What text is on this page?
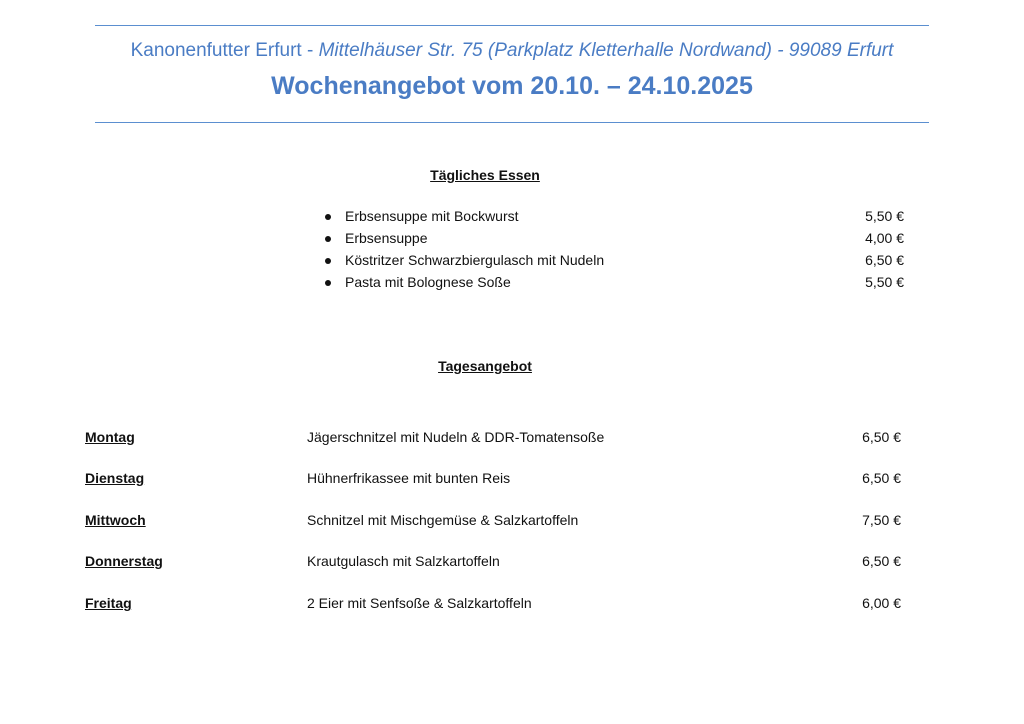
Kanonenfutter Erfurt - Mittelhäuser Str. 75 (Parkplatz Kletterhalle Nordwand) - 99089 Erfurt
Wochenangebot vom 20.10. – 24.10.2025
Tägliches Essen
Erbsensuppe mit Bockwurst	5,50 €
Erbsensuppe	4,00 €
Köstritzer Schwarzbiergulasch mit Nudeln	6,50 €
Pasta mit Bolognese Soße	5,50 €
Tagesangebot
Montag	Jägerschnitzel mit Nudeln & DDR-Tomatensoße	6,50 €
Dienstag	Hühnerfrikassee mit bunten Reis	6,50 €
Mittwoch	Schnitzel mit Mischgemüse & Salzkartoffeln	7,50 €
Donnerstag	Krautgulasch mit Salzkartoffeln	6,50 €
Freitag	2 Eier mit Senfsoße & Salzkartoffeln	6,00 €
